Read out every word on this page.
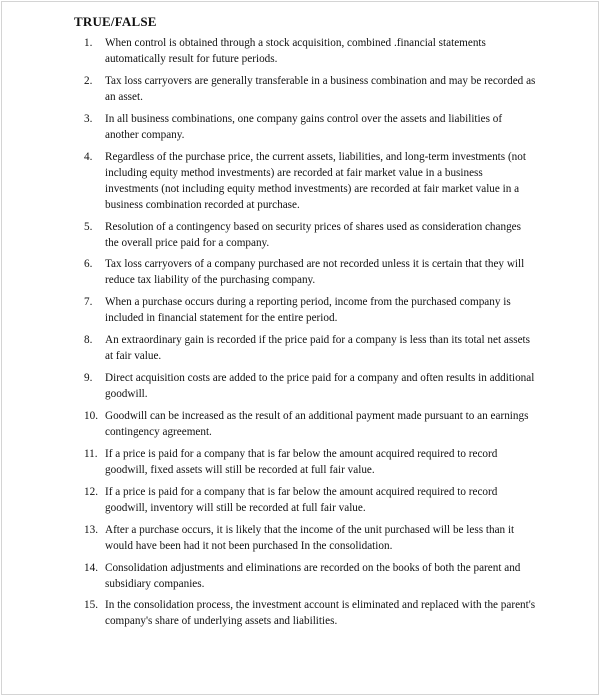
TRUE/FALSE
1.	When control is obtained through a stock acquisition, combined .financial statements automatically result for future periods.
2.	Tax loss carryovers are generally transferable in a business combination and may be recorded as an asset.
3.	In all business combinations, one company gains control over the assets and liabilities of another company.
4.	Regardless of the purchase price, the current assets, liabilities, and long-term investments (not including equity method investments) are recorded at fair market value in a business investments (not including equity method investments) are recorded at fair market value in a business combination recorded at purchase.
5.	Resolution of a contingency based on security prices of shares used as consideration changes the overall price paid for a company.
6.	Tax loss carryovers of a company purchased are not recorded unless it is certain that they will reduce tax liability of the purchasing company.
7.	When a purchase occurs during a reporting period, income from the purchased company is included in financial statement for the entire period.
8.	An extraordinary gain is recorded if the price paid for a company is less than its total net assets at fair value.
9.	Direct acquisition costs are added to the price paid for a company and often results in additional goodwill.
10. Goodwill can be increased as the result of an additional payment made pursuant to an earnings contingency agreement.
11. If a price is paid for a company that is far below the amount acquired required to record goodwill, fixed assets will still be recorded at full fair value.
12. If a price is paid for a company that is far below the amount acquired required to record goodwill, inventory will still be recorded at full fair value.
13. After a purchase occurs, it is likely that the income of the unit purchased will be less than it would have been had it not been purchased In the consolidation.
14. Consolidation adjustments and eliminations are recorded on the books of both the parent and subsidiary companies.
15. In the consolidation process, the investment account is eliminated and replaced with the parent's company's share of underlying assets and liabilities.
